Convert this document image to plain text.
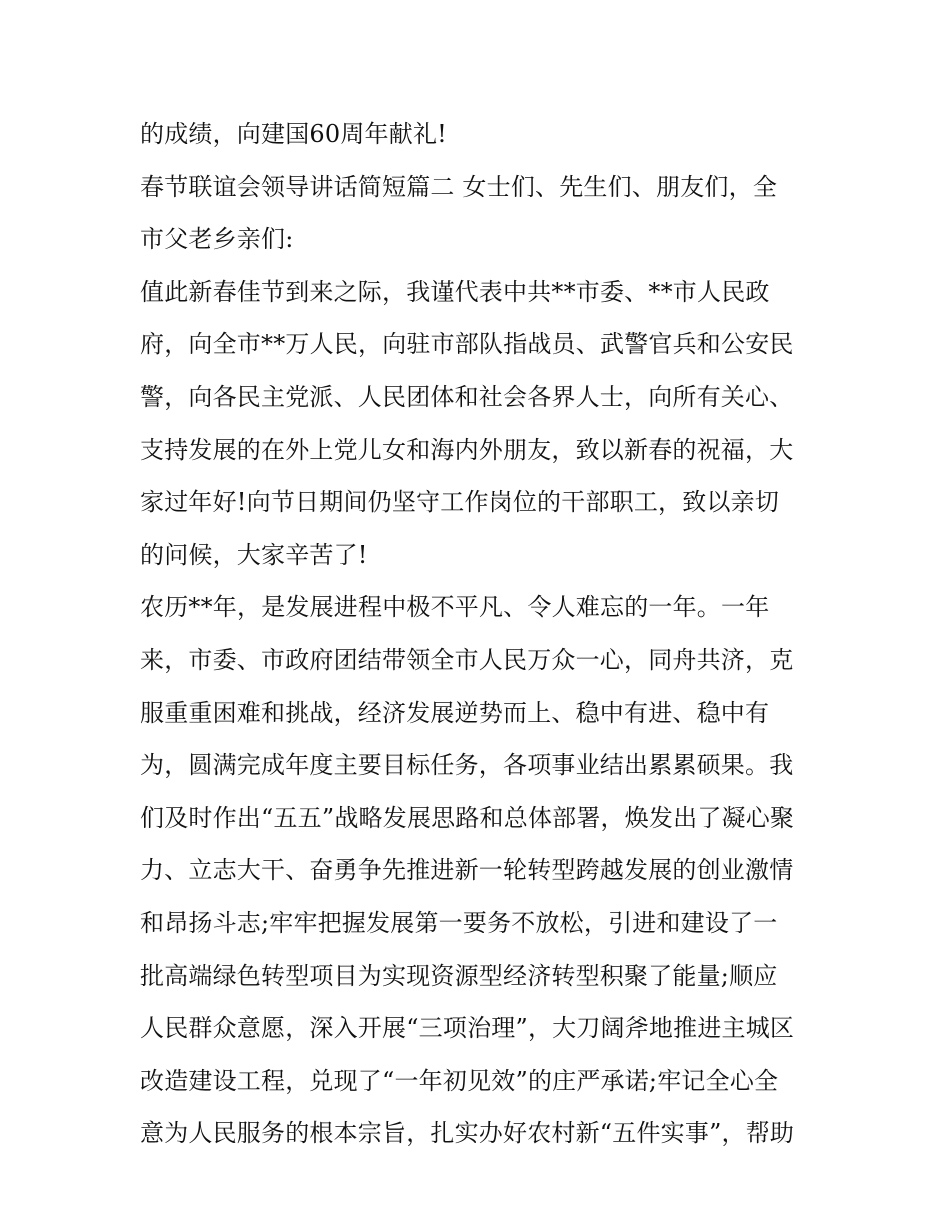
的成绩，向建国60周年献礼!
春节联谊会领导讲话简短篇二 女士们、先生们、朋友们，全
市父老乡亲们:
值此新春佳节到来之际，我谨代表中共**市委、**市人民政
府，向全市**万人民，向驻市部队指战员、武警官兵和公安民
警，向各民主党派、人民团体和社会各界人士，向所有关心、
支持发展的在外上党儿女和海内外朋友，致以新春的祝福，大
家过年好!向节日期间仍坚守工作岗位的干部职工，致以亲切
的问候，大家辛苦了!
农历**年，是发展进程中极不平凡、令人难忘的一年。一年
来，市委、市政府团结带领全市人民万众一心，同舟共济，克
服重重困难和挑战，经济发展逆势而上、稳中有进、稳中有
为，圆满完成年度主要目标任务，各项事业结出累累硕果。我
们及时作出“五五”战略发展思路和总体部署，焕发出了凝心聚
力、立志大干、奋勇争先推进新一轮转型跨越发展的创业激情
和昂扬斗志;牢牢把握发展第一要务不放松，引进和建设了一
批高端绿色转型项目为实现资源型经济转型积聚了能量;顺应
人民群众意愿，深入开展“三项治理”，大刀阔斧地推进主城区
改造建设工程，兑现了“一年初见效”的庄严承诺;牢记全心全
意为人民服务的根本宗旨，扎实办好农村新“五件实事”，帮助
